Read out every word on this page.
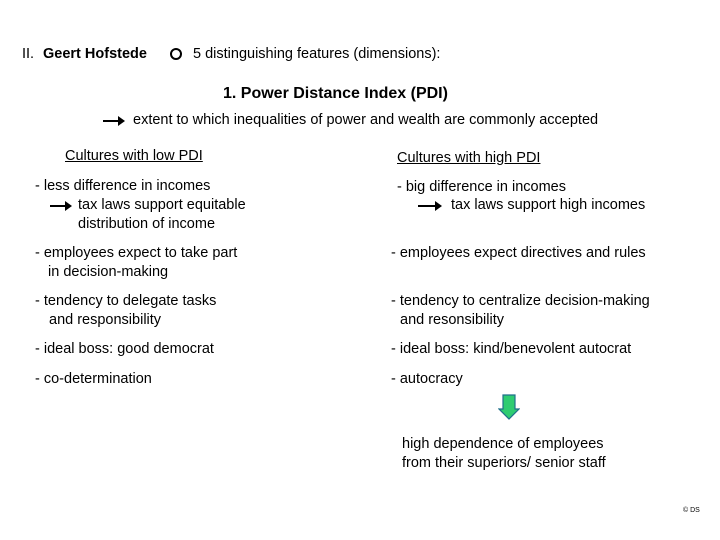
II. Geert Hofstede	5 distinguishing features (dimensions):
1. Power Distance Index (PDI)
extent to which inequalities of power and wealth are commonly accepted
Cultures with low PDI	Cultures with high PDI
- less difference in incomes
tax laws support equitable
distribution of income
- employees expect to take part
in decision-making
- tendency to delegate tasks
and responsibility
- ideal boss: good democrat
- co-determination
- big difference in incomes
tax laws support high incomes
- employees expect directives and rules
- tendency to centralize decision-making
and resonsibility
- ideal boss: kind/benevolent autocrat
- autocracy
high dependence of employees
from their superiors/ senior staff
© DS
